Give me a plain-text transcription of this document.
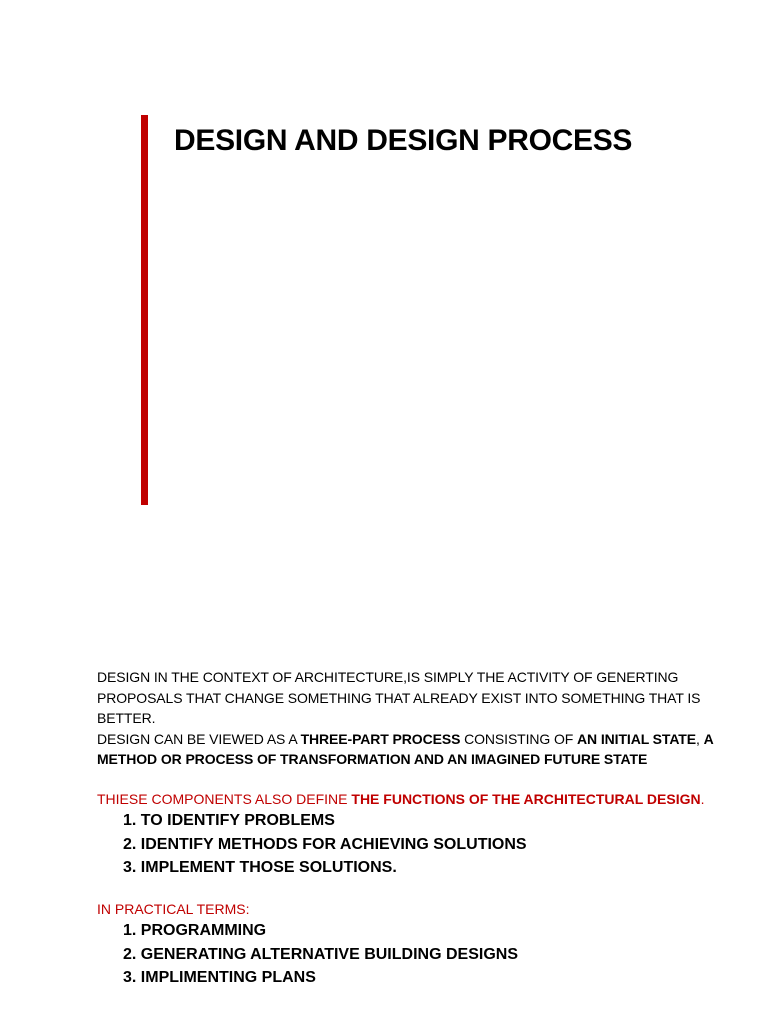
DESIGN AND DESIGN PROCESS

DESIGN IN THE CONTEXT OF ARCHITECTURE,IS SIMPLY THE ACTIVITY OF GENERTING PROPOSALS THAT CHANGE SOMETHING THAT ALREADY EXIST INTO SOMETHING THAT IS BETTER.

DESIGN CAN BE VIEWED AS A THREE-PART PROCESS CONSISTING OF AN INITIAL STATE, A METHOD OR PROCESS OF TRANSFORMATION AND AN IMAGINED FUTURE STATE

THIESE COMPONENTS ALSO DEFINE THE FUNCTIONS OF THE ARCHITECTURAL DESIGN.
1. TO IDENTIFY PROBLEMS
2. IDENTIFY METHODS FOR ACHIEVING SOLUTIONS
3. IMPLEMENT THOSE SOLUTIONS.
IN PRACTICAL TERMS:
1. PROGRAMMING
2. GENERATING ALTERNATIVE BUILDING DESIGNS
3. IMPLIMENTING PLANS
